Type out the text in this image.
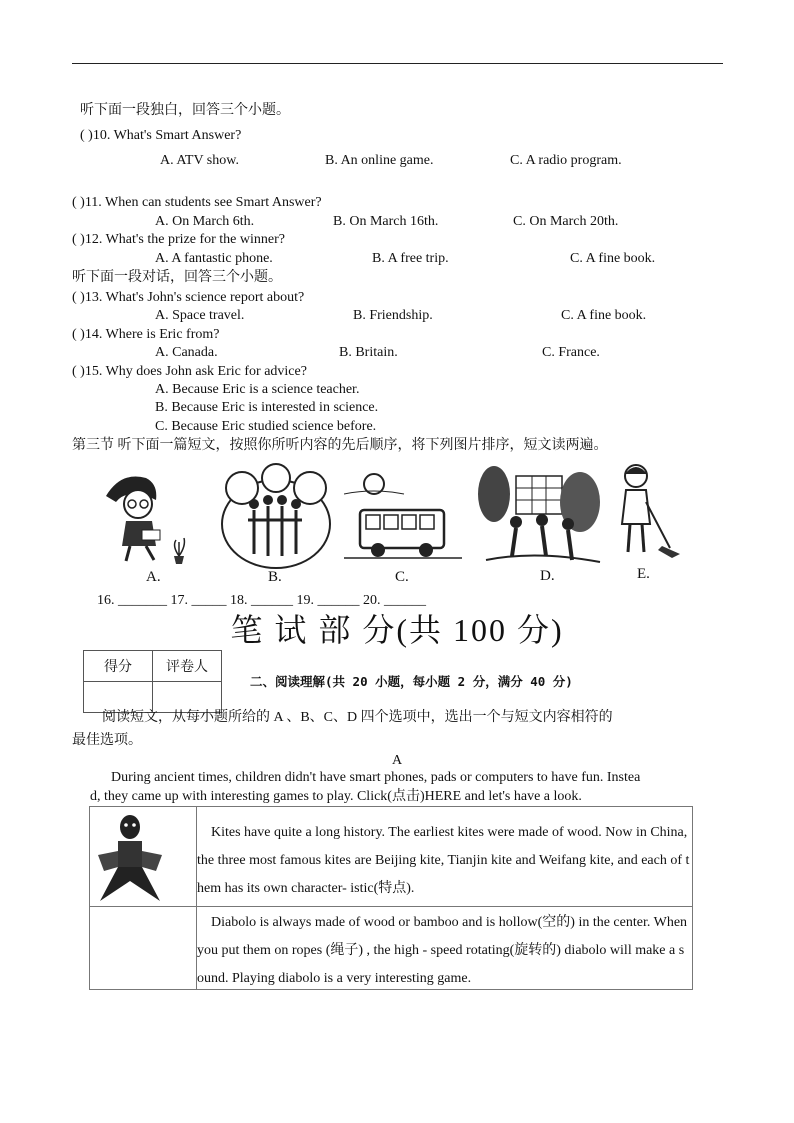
听下面一段独白，回答三个小题。
( )10. What's Smart Answer?
A. ATV show.	B. An online game.	C. A radio program.
( )11. When can students see Smart Answer?
A. On March 6th.	B. On March 16th.	C. On March 20th.
( )12. What's the prize for the winner?
A. A fantastic phone.	B. A free trip.	C. A fine book.
听下面一段对话，回答三个小题。
( )13. What's John's science report about?
A. Space travel.	B. Friendship.	C. A fine book.
( )14. Where is Eric from?
A. Canada.	B. Britain.	C. France.
( )15. Why does John ask Eric for advice?
A. Because Eric is a science teacher.
B. Because Eric is interested in science.
C. Because Eric studied science before.
第三节 听下面一篇短文，按照你所听内容的先后顺序，将下列图片排序，短文读两遍。
A.	B.	C.	D.	E.
16. _______ 17. _____ 18. ______ 19. ______ 20. ______
笔 试 部 分(共 100 分)
得分	评卷人

二、阅读理解(共 20 小题，每小题 2 分，满分 40 分)
阅读短文，从每小题所给的 A 、B、C、D 四个选项中，选出一个与短文内容相符的
最佳选项。
A
During ancient times, children didn't have smart phones, pads or computers to have fun. Instea
d, they came up with interesting games to play. Click(点击)HERE and let's have a look.
Kites have quite a long history. The earliest kites were made of wood. Now in China, the three most famous kites are Beijing kite, Tianjin kite and Weifang kite, and each of them has its own character- istic(特点).
Diabolo is always made of wood or bamboo and is hollow(空的) in the center. When you put them on ropes (绳子) , the high - speed rotating(旋转的) diabolo will make a sound. Playing diabolo is a very interesting game.
